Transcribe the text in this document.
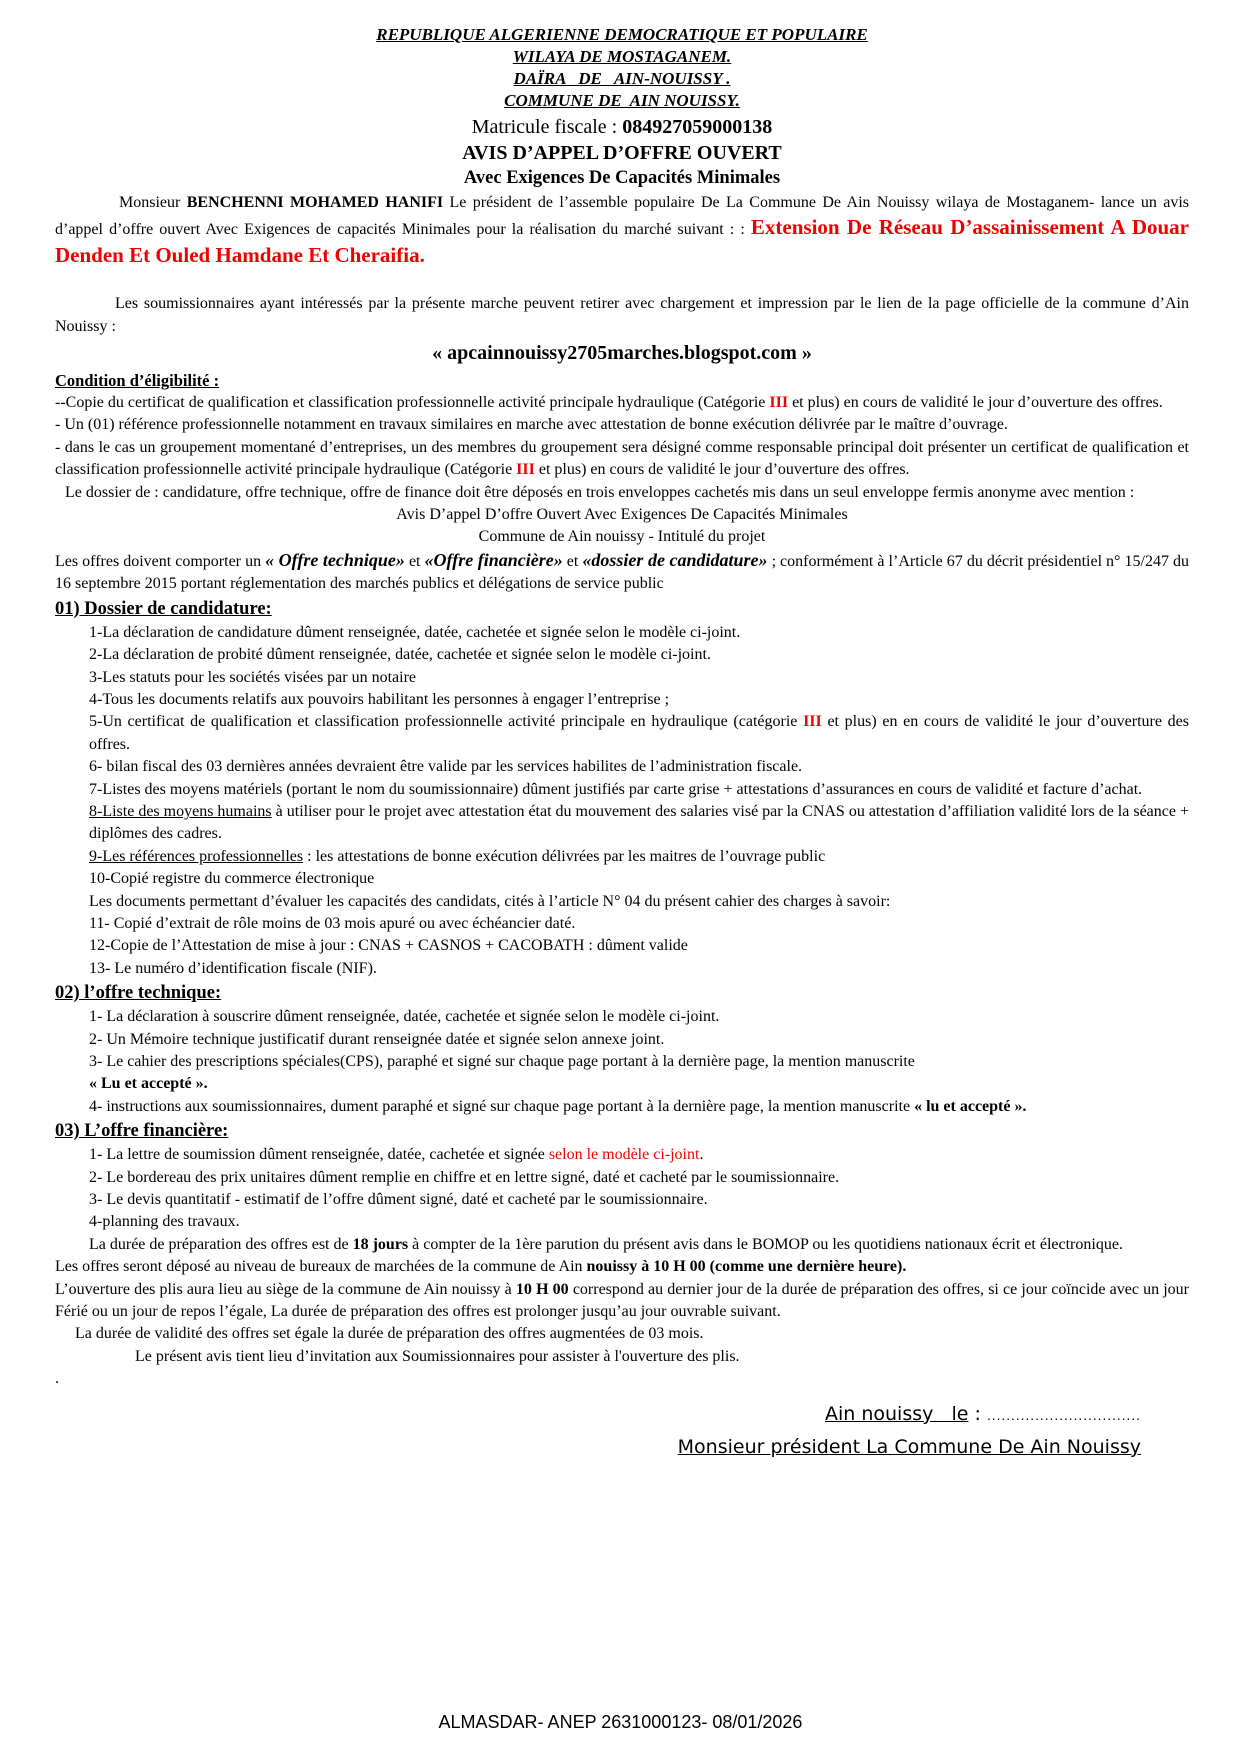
REPUBLIQUE ALGERIENNE DEMOCRATIQUE ET POPULAIRE
WILAYA DE MOSTAGANEM.
DAÏRA   DE   AIN-NOUISSY .
COMMUNE DE  AIN NOUISSY.
Matricule fiscale : 084927059000138
AVIS D’APPEL D’OFFRE OUVERT
Avec Exigences De Capacités Minimales
Monsieur BENCHENNI MOHAMED HANIFI Le président de l’assemble populaire De La Commune De Ain Nouissy wilaya de Mostaganem- lance un avis d’appel d’offre ouvert Avec Exigences de capacités Minimales pour la réalisation du marché suivant : : Extension De Réseau D’assainissement A Douar Denden Et Ouled Hamdane Et Cheraifia.
Les soumissionnaires ayant intéressés par la présente marche peuvent retirer avec chargement et impression par le lien de la page officielle de la commune d’Ain Nouissy :
« apcainnouissy2705marches.blogspot.com »
Condition d’éligibilité :
--Copie du certificat de qualification et classification professionnelle activité principale hydraulique (Catégorie III et plus) en cours de validité le jour d’ouverture des offres.
- Un (01) référence professionnelle notamment en travaux similaires en marche avec attestation de bonne exécution délivrée par le maître d’ouvrage.
- dans le cas un groupement momentané d’entreprises, un des membres du groupement sera désigné comme responsable principal doit présenter un certificat de qualification et classification professionnelle activité principale hydraulique (Catégorie III et plus) en cours de validité le jour d’ouverture des offres.
Le dossier de : candidature, offre technique, offre de finance doit être déposés en trois enveloppes cachetés mis dans un seul enveloppe fermis anonyme avec mention :
Avis D’appel D’offre Ouvert Avec Exigences De Capacités Minimales
Commune de Ain nouissy - Intitulé du projet
Les offres doivent comporter un « Offre technique» et «Offre financière» et «dossier de candidature» ; conformément à l’Article 67 du décrit présidentiel n° 15/247 du 16 septembre 2015 portant réglementation des marchés publics et délégations de service public
01) Dossier de candidature:
1-La déclaration de candidature dûment renseignée, datée, cachetée et signée selon le modèle ci-joint.
2-La déclaration de probité dûment renseignée, datée, cachetée et signée selon le modèle ci-joint.
3-Les statuts pour les sociétés visées par un notaire
4-Tous les documents relatifs aux pouvoirs habilitant les personnes à engager l’entreprise ;
5-Un certificat de qualification et classification professionnelle activité principale en hydraulique (catégorie III et plus) en en cours de validité le jour d’ouverture des offres.
6- bilan fiscal des 03 dernières années devraient être valide par les services habilites de l’administration fiscale.
7-Listes des moyens matériels (portant le nom du soumissionnaire) dûment justifiés par carte grise + attestations d’assurances en cours de validité et facture d’achat.
8-Liste des moyens humains à utiliser pour le projet avec attestation état du mouvement des salaries visé par la CNAS ou attestation d’affiliation validité lors de la séance + diplômes des cadres.
9-Les références professionnelles : les attestations de bonne exécution délivrées par les maitres de l’ouvrage public
10-Copié registre du commerce électronique
Les documents permettant d’évaluer les capacités des candidats, cités à l’article N° 04 du présent cahier des charges à savoir:
11- Copié d’extrait de rôle moins de 03 mois apuré ou avec échéancier daté.
12-Copie de l’Attestation de mise à jour : CNAS + CASNOS + CACOBATH : dûment valide
13- Le numéro d’identification fiscale (NIF).
02) l’offre technique:
1- La déclaration à souscrire dûment renseignée, datée, cachetée et signée selon le modèle ci-joint.
2- Un Mémoire technique justificatif durant renseignée datée et signée selon annexe joint.
3- Le cahier des prescriptions spéciales(CPS), paraphé et signé sur chaque page portant à la dernière page, la mention manuscrite
« Lu et accepté ».
4- instructions aux soumissionnaires, dument paraphé et signé sur chaque page portant à la dernière page, la mention manuscrite « lu et accepté ».
03) L’offre financière:
1- La lettre de soumission dûment renseignée, datée, cachetée et signée selon le modèle ci-joint.
2- Le bordereau des prix unitaires dûment remplie en chiffre et en lettre signé, daté et cacheté par le soumissionnaire.
3- Le devis quantitatif - estimatif de l’offre dûment signé, daté et cacheté par le soumissionnaire.
4-planning des travaux.
La durée de préparation des offres est de 18 jours à compter de la 1ère parution du présent avis dans le BOMOP ou les quotidiens nationaux écrit et électronique.
Les offres seront déposé au niveau de bureaux de marchées de la commune de Ain nouissy à 10 H 00 (comme une dernière heure).
L’ouverture des plis aura lieu au siège de la commune de Ain nouissy à 10 H 00 correspond au dernier jour de la durée de préparation des offres, si ce jour coïncide avec un jour Férié ou un jour de repos l’égale, La durée de préparation des offres est prolonger jusqu’au jour ouvrable suivant.
La durée de validité des offres set égale la durée de préparation des offres augmentées de 03 mois.
Le présent avis tient lieu d’invitation aux Soumissionnaires pour assister à l'ouverture des plis.
.
Ain nouissy   le : ................................
Monsieur président La Commune De Ain Nouissy
ALMASDAR- ANEP 2631000123- 08/01/2026
